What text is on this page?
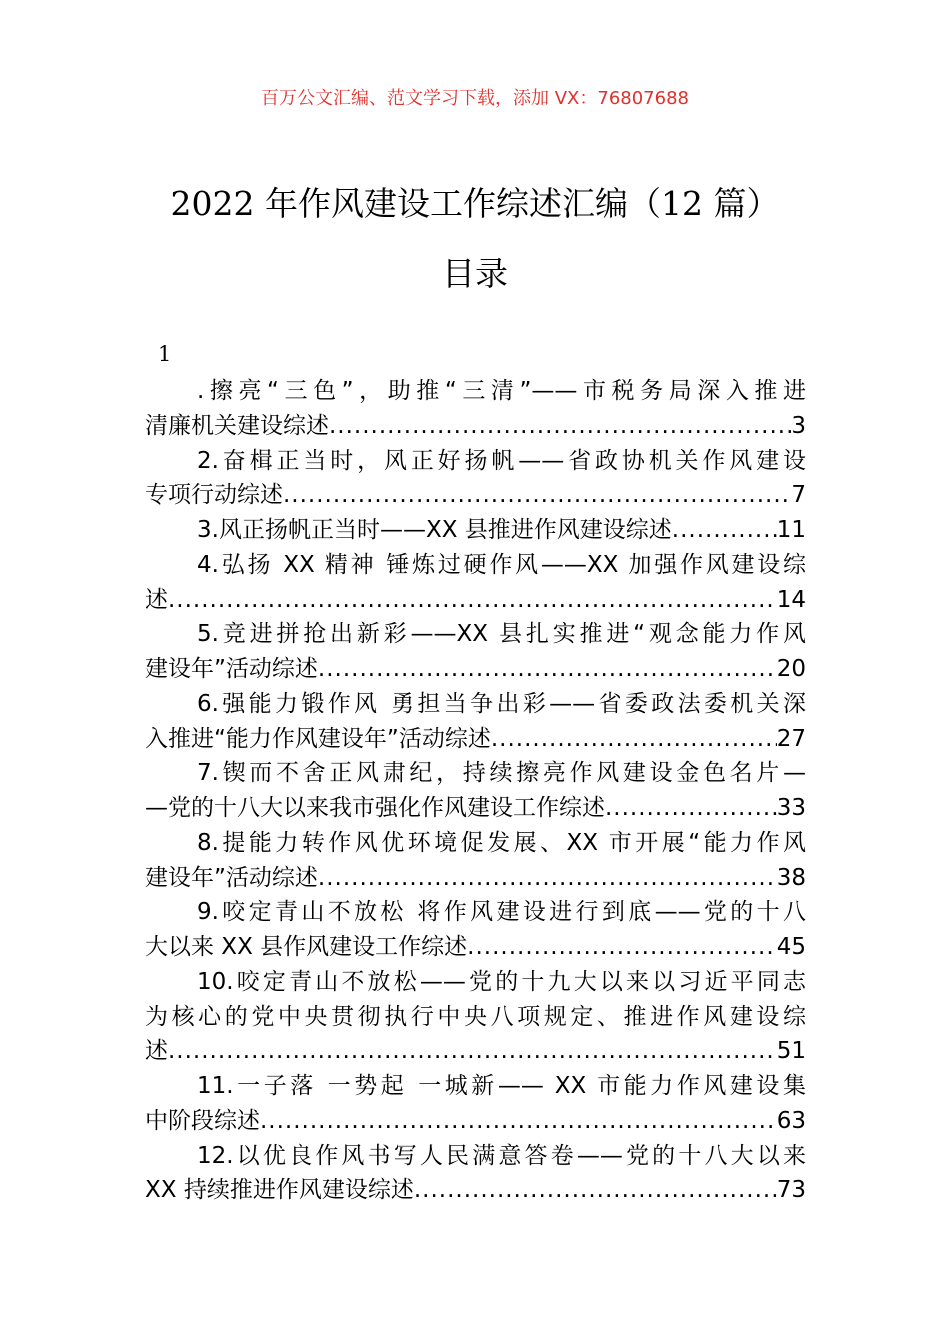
百万公文汇编、范文学习下载，添加 VX：76807688
2022 年作风建设工作综述汇编（12 篇）
目录
1
.擦亮“三色”，助推“三清”——市税务局深入推进
清廉机关建设综述 .....	3
2.奋楫正当时，风正好扬帆——省政协机关作风建设
专项行动综述 .....	7
3.风正扬帆正当时——XX 县推进作风建设综述 .....	11
4.弘扬 XX 精神 锤炼过硬作风——XX 加强作风建设综
述 .....	14
5.竞进拼抢出新彩——XX 县扎实推进“观念能力作风
建设年”活动综述 .....	20
6.强能力锻作风 勇担当争出彩——省委政法委机关深
入推进“能力作风建设年”活动综述 .....	27
7.锲而不舍正风肃纪，持续擦亮作风建设金色名片—
—党的十八大以来我市强化作风建设工作综述 .....	33
8.提能力转作风优环境促发展、XX 市开展“能力作风
建设年”活动综述 .....	38
9.咬定青山不放松 将作风建设进行到底——党的十八
大以来 XX 县作风建设工作综述 .....	45
10.咬定青山不放松——党的十九大以来以习近平同志
为核心的党中央贯彻执行中央八项规定、推进作风建设综
述 .....	51
11.一子落 一势起 一城新—— XX 市能力作风建设集
中阶段综述 .....	63
12.以优良作风书写人民满意答卷——党的十八大以来
XX 持续推进作风建设综述 .....	73
